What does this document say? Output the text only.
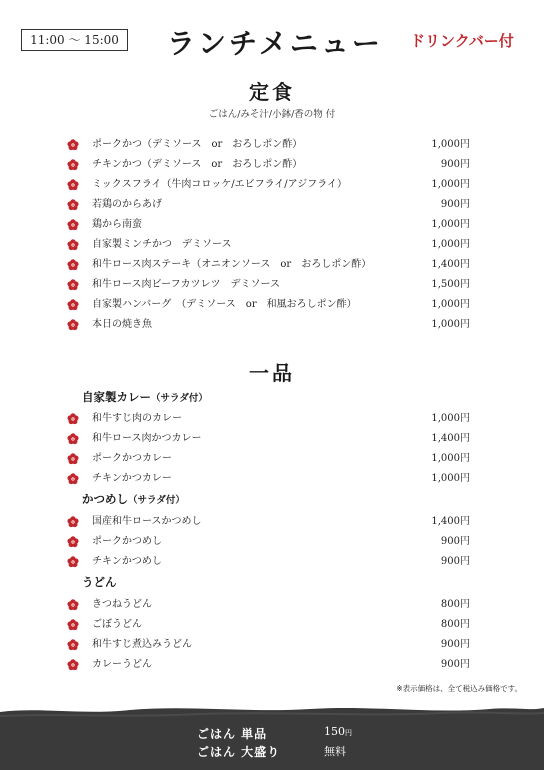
11:00 〜 15:00	ランチメニュー	ドリンクバー付
定食
ごはん/みそ汁/小鉢/香の物 付
ポークかつ（デミソース　or　おろしポン酢）	1,000円
チキンかつ（デミソース　or　おろしポン酢）	900円
ミックスフライ（牛肉コロッケ/エビフライ/アジフライ）	1,000円
若鶏のからあげ	900円
鶏から南蛮	1,000円
自家製ミンチかつ　デミソース	1,000円
和牛ロース肉ステーキ（オニオンソース　or　おろしポン酢）	1,400円
和牛ロース肉ビーフカツレツ　デミソース	1,500円
自家製ハンバーグ　（デミソース　or　和風おろしポン酢）	1,000円
本日の焼き魚	1,000円
一品
自家製カレー（サラダ付）
和牛すじ肉のカレー	1,000円
和牛ロース肉かつカレー	1,400円
ポークかつカレー	1,000円
チキンかつカレー	1,000円
かつめし（サラダ付）
国産和牛ロースかつめし	1,400円
ポークかつめし	900円
チキンかつめし	900円
うどん
きつねうどん	800円
ごぼうどん	800円
和牛すじ煮込みうどん	900円
カレーうどん	900円
※表示価格は、全て税込み価格です。
ごはん 単品	150円
ごはん 大盛り	無料
